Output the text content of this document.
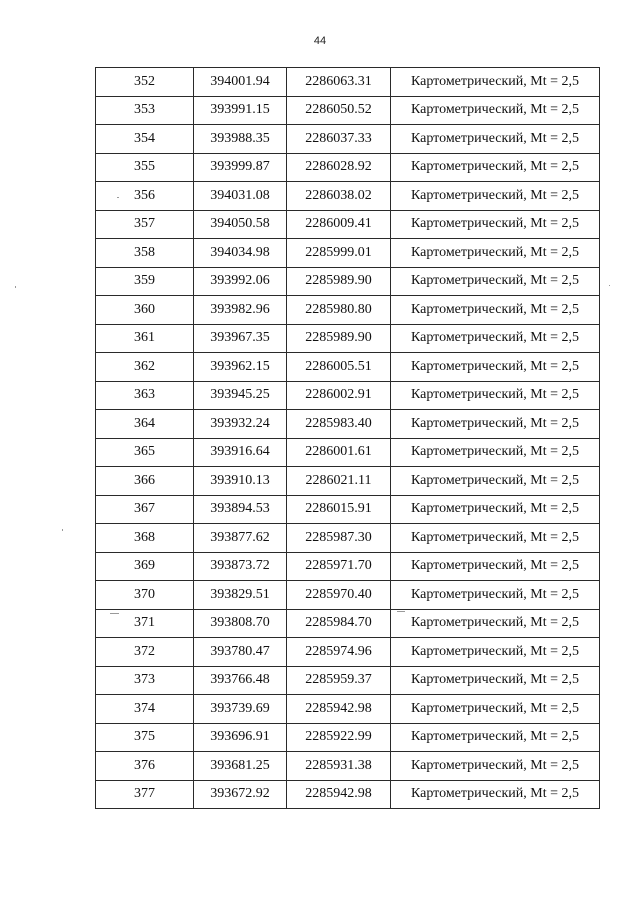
44
352	394001.94	2286063.31	Картометрический, Mt = 2,5
353	393991.15	2286050.52	Картометрический, Mt = 2,5
354	393988.35	2286037.33	Картометрический, Mt = 2,5
355	393999.87	2286028.92	Картометрический, Mt = 2,5
356	394031.08	2286038.02	Картометрический, Mt = 2,5
357	394050.58	2286009.41	Картометрический, Mt = 2,5
358	394034.98	2285999.01	Картометрический, Mt = 2,5
359	393992.06	2285989.90	Картометрический, Mt = 2,5
360	393982.96	2285980.80	Картометрический, Mt = 2,5
361	393967.35	2285989.90	Картометрический, Mt = 2,5
362	393962.15	2286005.51	Картометрический, Mt = 2,5
363	393945.25	2286002.91	Картометрический, Mt = 2,5
364	393932.24	2285983.40	Картометрический, Mt = 2,5
365	393916.64	2286001.61	Картометрический, Mt = 2,5
366	393910.13	2286021.11	Картометрический, Mt = 2,5
367	393894.53	2286015.91	Картометрический, Mt = 2,5
368	393877.62	2285987.30	Картометрический, Mt = 2,5
369	393873.72	2285971.70	Картометрический, Mt = 2,5
370	393829.51	2285970.40	Картометрический, Mt = 2,5
371	393808.70	2285984.70	Картометрический, Mt = 2,5
372	393780.47	2285974.96	Картометрический, Mt = 2,5
373	393766.48	2285959.37	Картометрический, Mt = 2,5
374	393739.69	2285942.98	Картометрический, Mt = 2,5
375	393696.91	2285922.99	Картометрический, Mt = 2,5
376	393681.25	2285931.38	Картометрический, Mt = 2,5
377	393672.92	2285942.98	Картометрический, Mt = 2,5
